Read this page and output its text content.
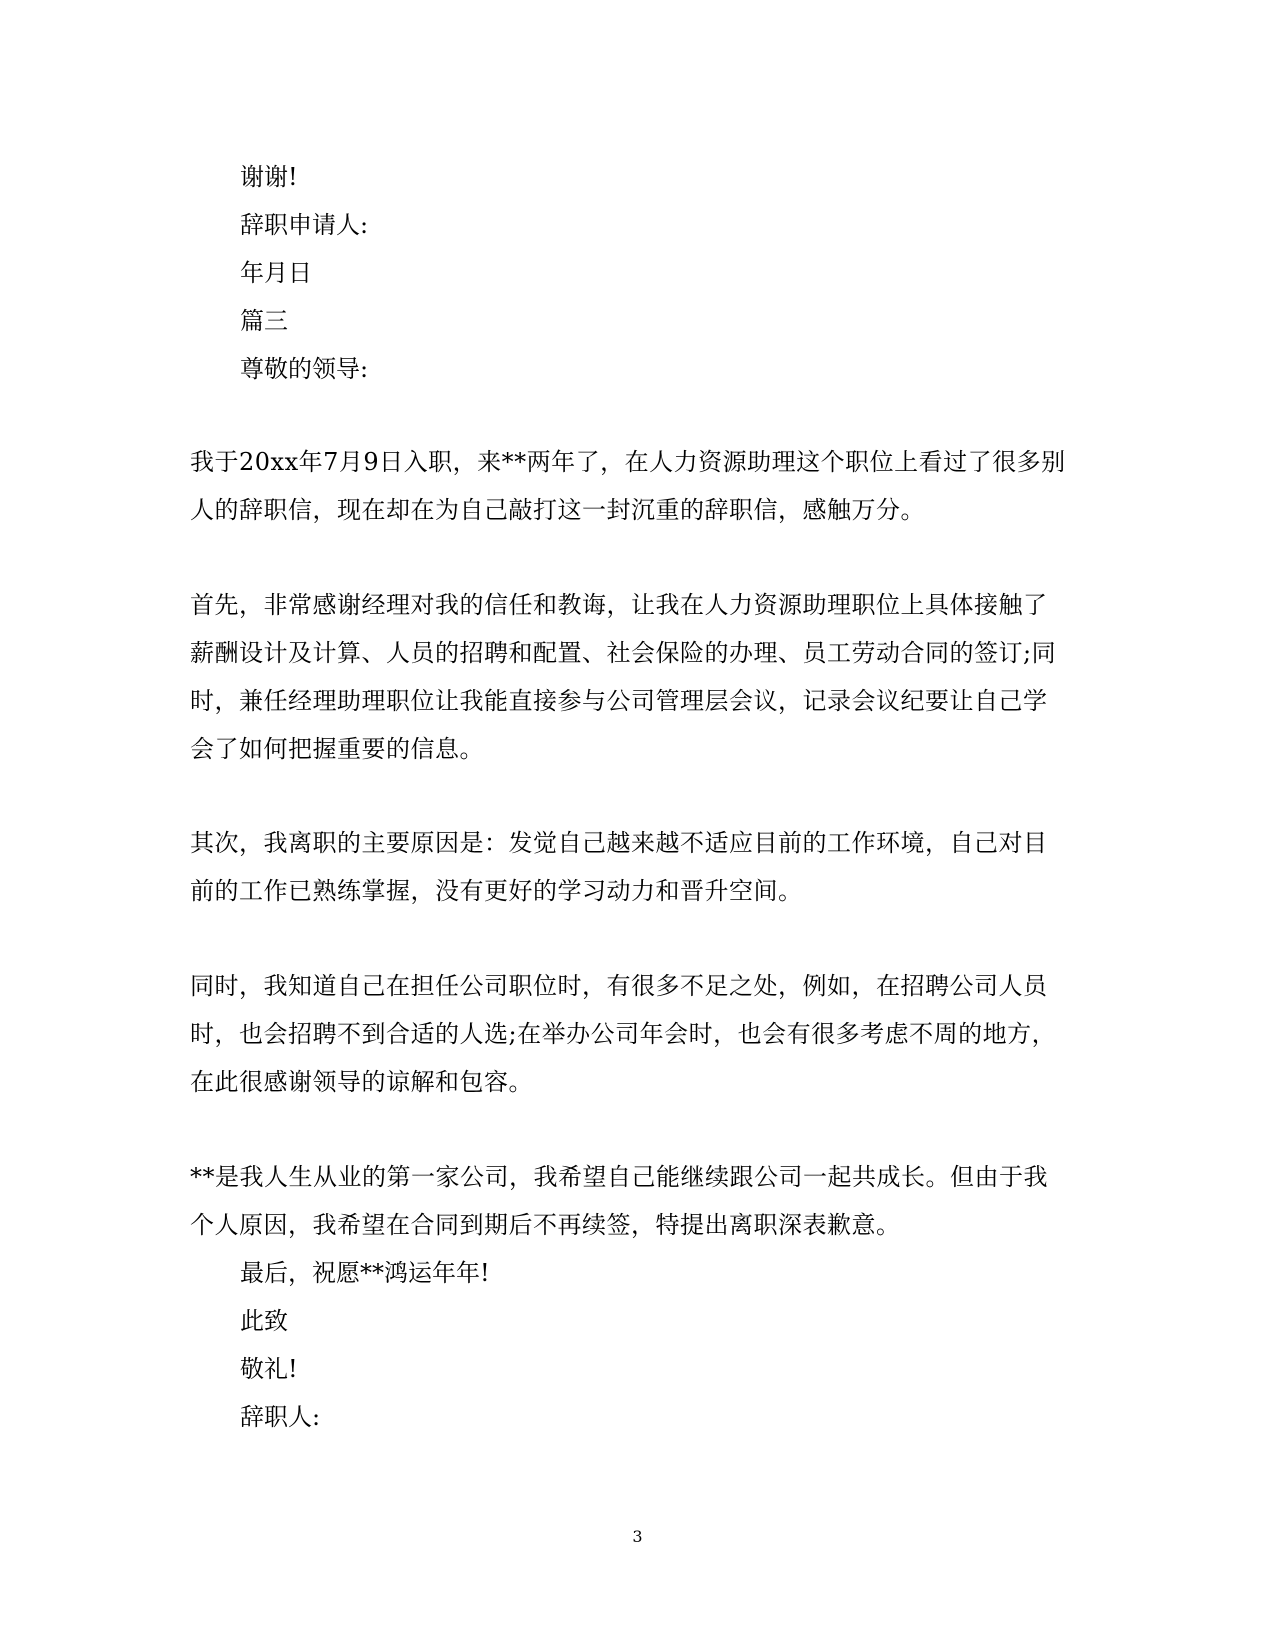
谢谢!
辞职申请人:
年月日
篇三
尊敬的领导:
我于20xx年7月9日入职，来**两年了，在人力资源助理这个职位上看过了很多别
人的辞职信，现在却在为自己敲打这一封沉重的辞职信，感触万分。
首先，非常感谢经理对我的信任和教诲，让我在人力资源助理职位上具体接触了
薪酬设计及计算、人员的招聘和配置、社会保险的办理、员工劳动合同的签订;同
时，兼任经理助理职位让我能直接参与公司管理层会议，记录会议纪要让自己学
会了如何把握重要的信息。
其次，我离职的主要原因是：发觉自己越来越不适应目前的工作环境，自己对目
前的工作已熟练掌握，没有更好的学习动力和晋升空间。
同时，我知道自己在担任公司职位时，有很多不足之处，例如，在招聘公司人员
时，也会招聘不到合适的人选;在举办公司年会时，也会有很多考虑不周的地方，
在此很感谢领导的谅解和包容。
**是我人生从业的第一家公司，我希望自己能继续跟公司一起共成长。但由于我
个人原因，我希望在合同到期后不再续签，特提出离职深表歉意。
最后，祝愿**鸿运年年!
此致
敬礼!
辞职人:
3
